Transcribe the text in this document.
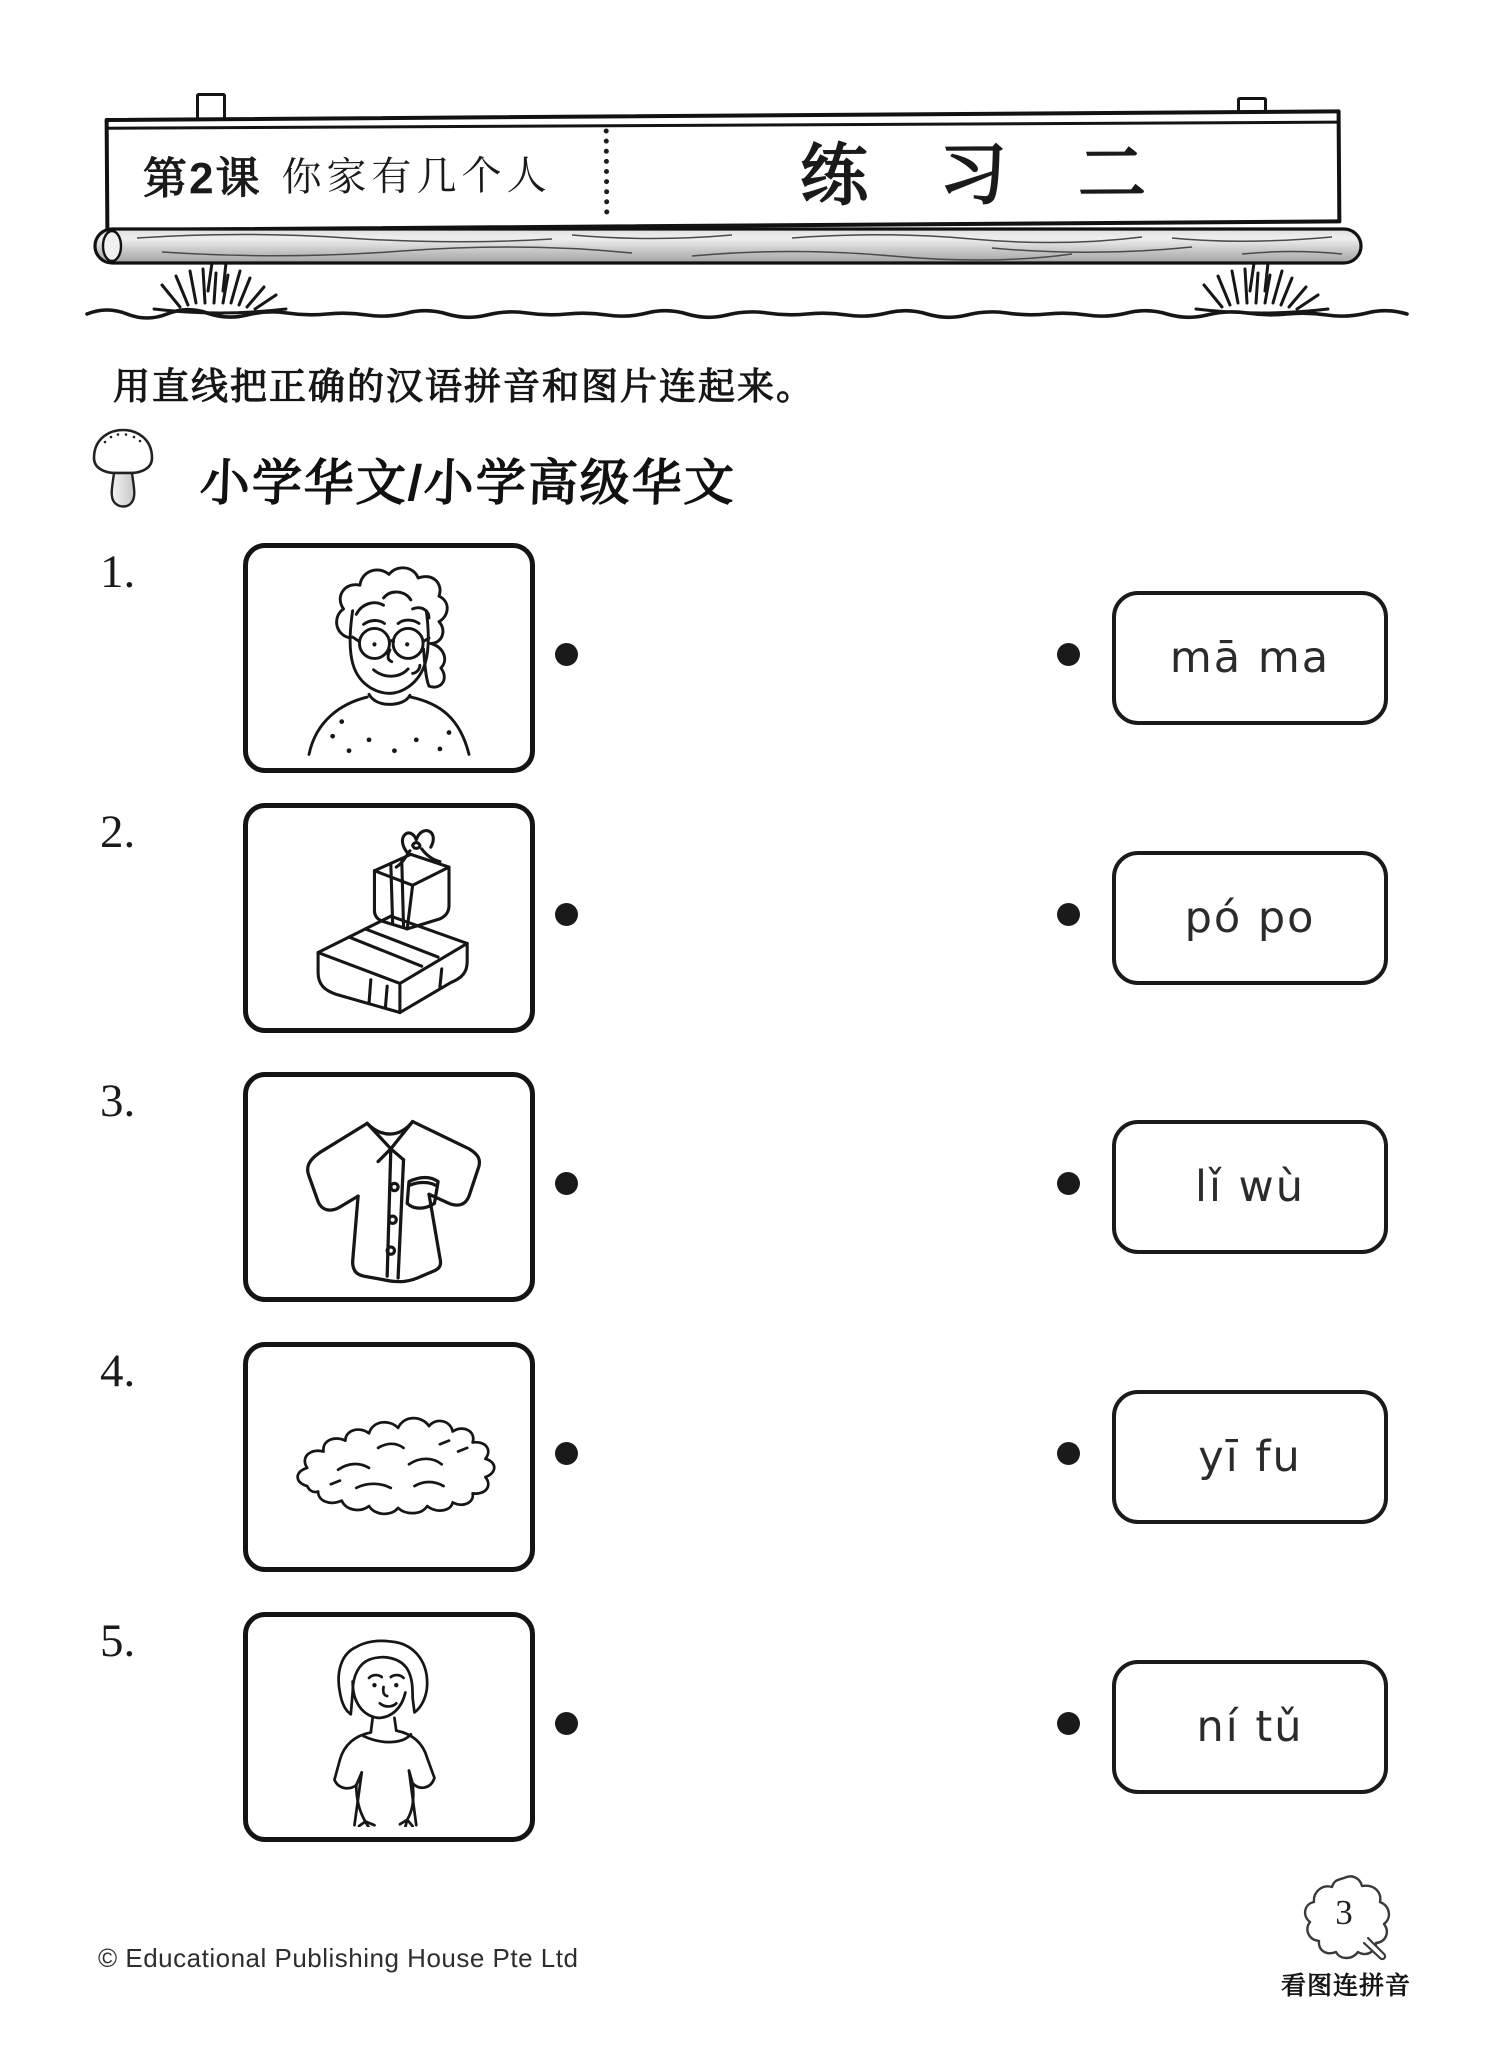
第2课 你家有几个人	练 习 二
用直线把正确的汉语拼音和图片连起来。
小学华文/小学高级华文
1.
mā ma
2.
pó po
3.
lǐ wù
4.
yī fu
5.
ní tǔ
© Educational Publishing House Pte Ltd
3
看图连拼音
